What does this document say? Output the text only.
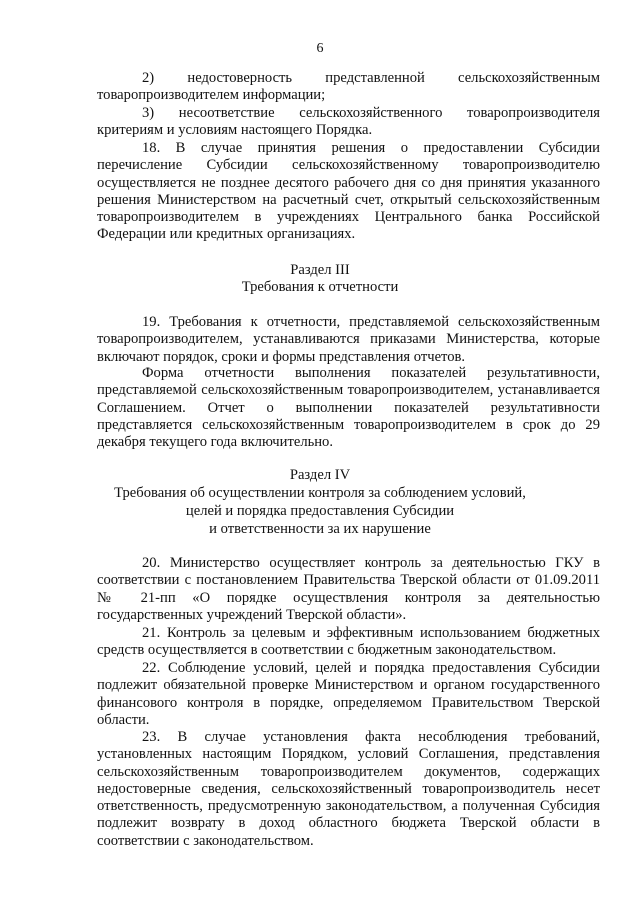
6
2) недостоверность представленной сельскохозяйственным товаропроизводителем информации;
3) несоответствие сельскохозяйственного товаропроизводителя критериям и условиям настоящего Порядка.
18. В случае принятия решения о предоставлении Субсидии перечисление Субсидии сельскохозяйственному товаропроизводителю осуществляется не позднее десятого рабочего дня со дня принятия указанного решения Министерством на расчетный счет, открытый сельскохозяйственным товаропроизводителем в учреждениях Центрального банка Российской Федерации или кредитных организациях.
Раздел III
Требования к отчетности
19. Требования к отчетности, представляемой сельскохозяйственным товаропроизводителем, устанавливаются приказами Министерства, которые включают порядок, сроки и формы представления отчетов.
Форма отчетности выполнения показателей результативности, представляемой сельскохозяйственным товаропроизводителем, устанавливается Соглашением. Отчет о выполнении показателей результативности представляется сельскохозяйственным товаропроизводителем в срок до 29 декабря текущего года включительно.
Раздел IV
Требования об осуществлении контроля за соблюдением условий,
целей и порядка предоставления Субсидии
и ответственности за их нарушение
20. Министерство осуществляет контроль за деятельностью ГКУ в соответствии с постановлением Правительства Тверской области от 01.09.2011 № 21-пп «О порядке осуществления контроля за деятельностью государственных учреждений Тверской области».
21. Контроль за целевым и эффективным использованием бюджетных средств осуществляется в соответствии с бюджетным законодательством.
22. Соблюдение условий, целей и порядка предоставления Субсидии подлежит обязательной проверке Министерством и органом государственного финансового контроля в порядке, определяемом Правительством Тверской области.
23. В случае установления факта несоблюдения требований, установленных настоящим Порядком, условий Соглашения, представления сельскохозяйственным товаропроизводителем документов, содержащих недостоверные сведения, сельскохозяйственный товаропроизводитель несет ответственность, предусмотренную законодательством, а полученная Субсидия подлежит возврату в доход областного бюджета Тверской области в соответствии с законодательством.
